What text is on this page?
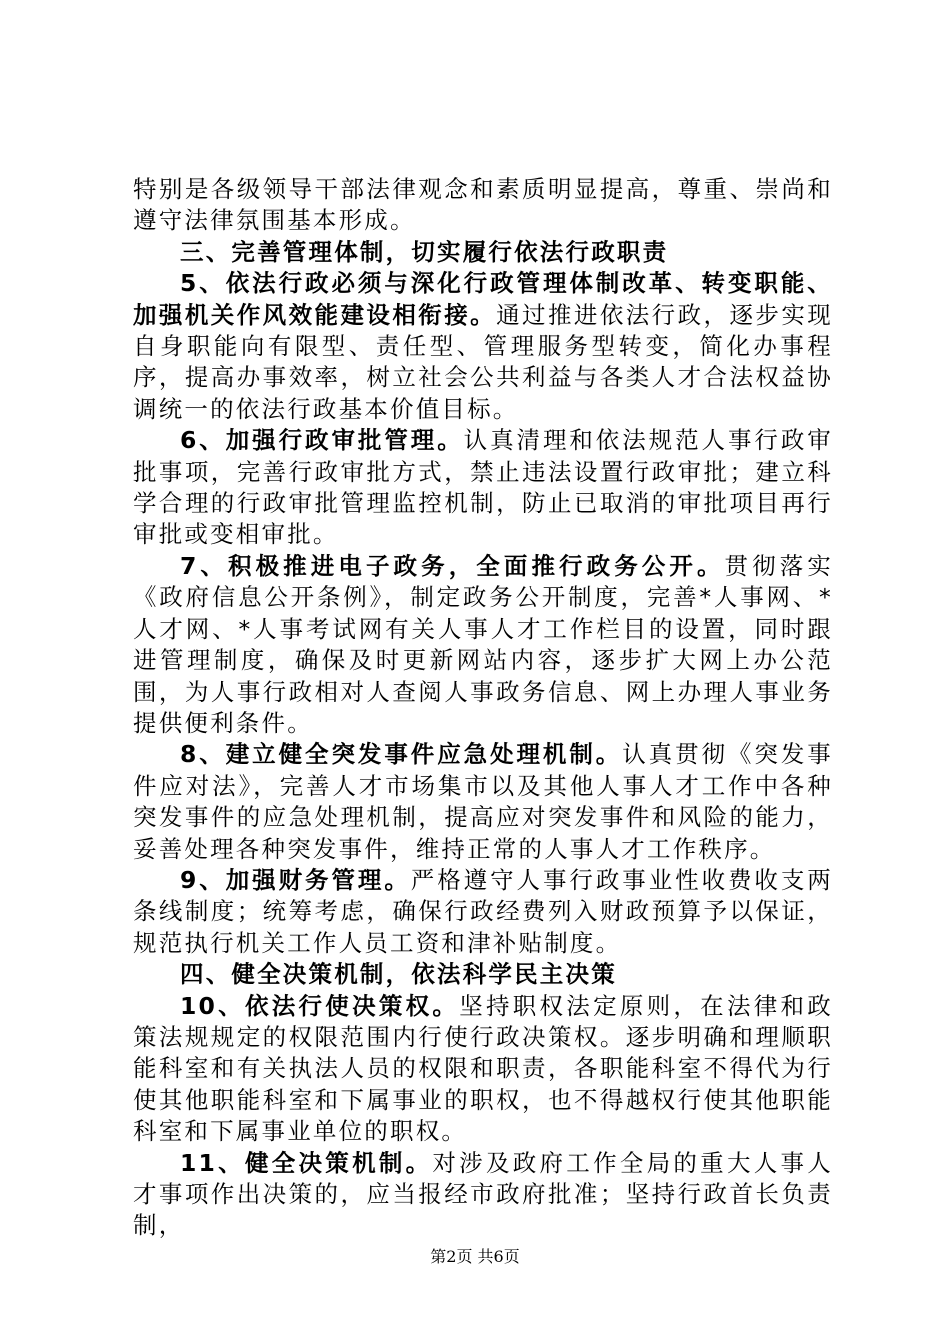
特别是各级领导干部法律观念和素质明显提高，尊重、崇尚和遵守法律氛围基本形成。

三、完善管理体制，切实履行依法行政职责

5、依法行政必须与深化行政管理体制改革、转变职能、加强机关作风效能建设相衔接。通过推进依法行政，逐步实现自身职能向有限型、责任型、管理服务型转变，简化办事程序，提高办事效率，树立社会公共利益与各类人才合法权益协调统一的依法行政基本价值目标。

6、加强行政审批管理。认真清理和依法规范人事行政审批事项，完善行政审批方式，禁止违法设置行政审批；建立科学合理的行政审批管理监控机制，防止已取消的审批项目再行审批或变相审批。

7、积极推进电子政务，全面推行政务公开。贯彻落实《政府信息公开条例》，制定政务公开制度，完善*人事网、*人才网、*人事考试网有关人事人才工作栏目的设置，同时跟进管理制度，确保及时更新网站内容，逐步扩大网上办公范围，为人事行政相对人查阅人事政务信息、网上办理人事业务提供便利条件。

8、建立健全突发事件应急处理机制。认真贯彻《突发事件应对法》，完善人才市场集市以及其他人事人才工作中各种突发事件的应急处理机制，提高应对突发事件和风险的能力，妥善处理各种突发事件，维持正常的人事人才工作秩序。

9、加强财务管理。严格遵守人事行政事业性收费收支两条线制度；统筹考虑，确保行政经费列入财政预算予以保证，规范执行机关工作人员工资和津补贴制度。

四、健全决策机制，依法科学民主决策

10、依法行使决策权。坚持职权法定原则，在法律和政策法规规定的权限范围内行使行政决策权。逐步明确和理顺职能科室和有关执法人员的权限和职责，各职能科室不得代为行使其他职能科室和下属事业的职权，也不得越权行使其他职能科室和下属事业单位的职权。

11、健全决策机制。对涉及政府工作全局的重大人事人才事项作出决策的，应当报经市政府批准；坚持行政首长负责制，

第2页 共6页
